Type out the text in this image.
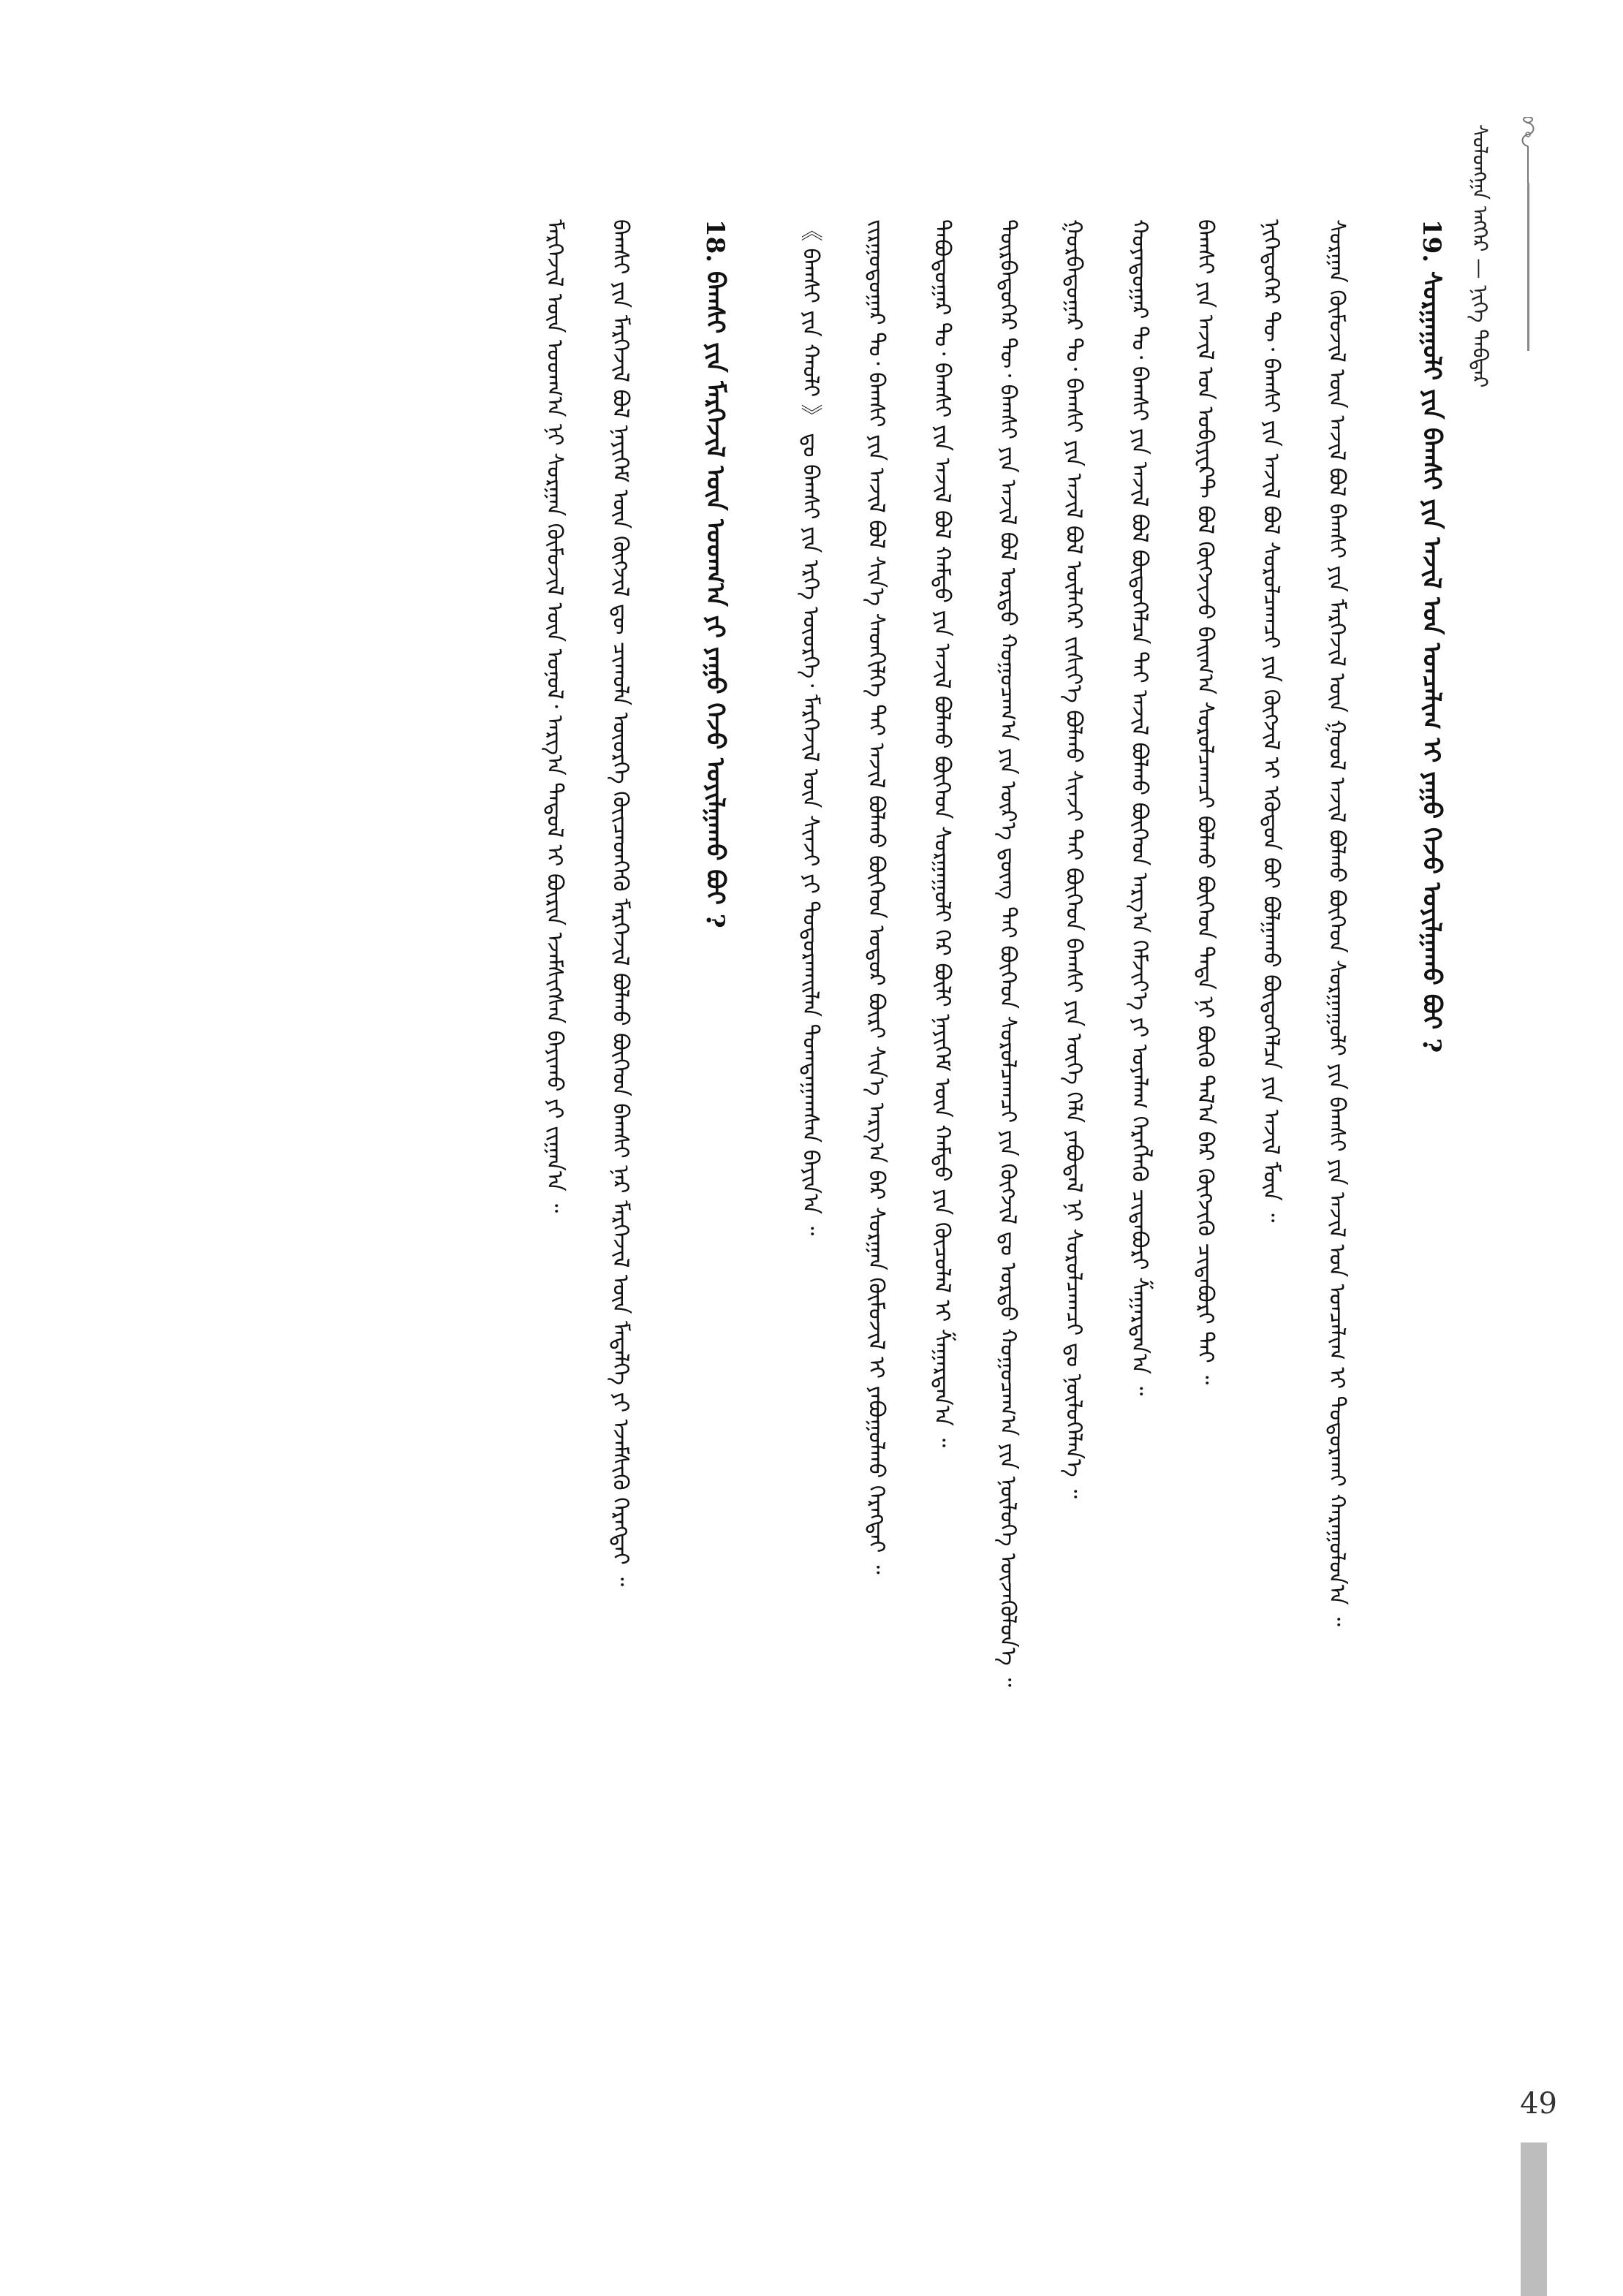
ᠰᠣᠯᠣᠩᠭ᠋ᠠ ᠡᠩᠭᠡᠷ — ᠨᠢᠭᠡ ᠳᠡᠪᠲᠡᠷ
19. ᠰᠤᠷᠭᠠᠭᠤᠯᠢ ᠶᠢᠨ ᠪᠠᠭᠰᠢ ᠶᠢᠨ ᠠᠵᠢᠯ ᠤᠨ ᠣᠨᠴᠠᠯᠢᠭ ᠢ ᠶᠠᠭᠤ ᠭᠡᠵᠦ ᠣᠶᠢᠯᠭᠠᠬᠤ ᠪᠤᠢ ?
ᠰᠤᠷᠭᠠᠨ ᠬᠦᠮᠦᠵᠢᠯ ᠦᠨ ᠠᠵᠢᠯ ᠪᠣᠯ ᠪᠠᠭᠰᠢ ᠶᠢᠨ ᠮᠡᠷᠭᠡᠵᠢᠯ ᠦᠨ ᠭᠣᠣᠯ ᠠᠵᠢᠯ ᠪᠣᠯᠬᠤ ᠪᠥᠭᠡᠳ ᠰᠤᠷᠭᠠᠭᠤᠯᠢ ᠶᠢᠨ ᠪᠠᠭᠰᠢ ᠶᠢᠨ ᠠᠵᠢᠯ ᠤᠨ ᠣᠨᠴᠠᠯᠢᠭ ᠢ ᠲᠣᠳᠣᠷᠬᠠᠢ ᠬᠠᠷᠠᠭᠤᠯᠤᠨ᠎ᠠ ᠃
ᠨᠢᠭᠡᠳᠦᠭᠡᠷ ᠲᠦ᠂ ᠪᠠᠭᠰᠢ ᠶᠢᠨ ᠠᠵᠢᠯ ᠪᠣᠯ ᠰᠤᠷᠤᠯᠴᠠᠭᠴᠢ ᠶᠢᠨ ᠬᠥᠭᠵᠢᠯ ᠢ ᠡᠭᠦᠳᠦᠨ ᠪᠣᠢ ᠪᠣᠯᠭᠠᠬᠤ ᠪᠦᠲᠦᠭᠡᠯᠴᠡ ᠶᠢᠨ ᠠᠵᠢᠯ ᠮᠥᠨ ᠃
ᠪᠠᠭᠰᠢ ᠶᠢᠨ ᠠᠵᠢᠯ ᠤᠨ ᠣᠪᠢᠶᠧᠺᠲ ᠪᠣᠯ ᠬᠥᠭᠵᠢᠵᠦ ᠪᠠᠢᠭ᠎ᠠ ᠰᠤᠷᠤᠯᠴᠠᠭᠴᠢ ᠪᠣᠯᠬᠤ ᠪᠥᠭᠡᠳ ᠲᠡᠳᠡ ᠨᠢ ᠪᠦᠬᠦ ᠲᠠᠯ᠎ᠠ ᠪᠠᠷ ᠬᠥᠭᠵᠢᠬᠦ ᠴᠢᠳᠠᠪᠤᠷᠢ ᠲᠠᠢ ᠃
ᠬᠣᠶᠠᠳᠤᠭᠠᠷ ᠲᠤ᠂ ᠪᠠᠭᠰᠢ ᠶᠢᠨ ᠠᠵᠢᠯ ᠪᠣᠯ ᠪᠦᠲᠦᠭᠡᠯᠴᠡ ᠲᠠᠢ ᠠᠵᠢᠯ ᠪᠣᠯᠬᠤ ᠪᠥᠭᠡᠳ ᠠᠷᠭ᠎ᠠ ᠬᠡᠮᠵᠢᠶ᠎ᠡ ᠶᠢ ᠤᠶᠠᠯᠠᠭ ᠬᠡᠷᠡᠭᠯᠡᠬᠦ ᠴᠢᠳᠠᠪᠤᠷᠢ ᠱᠠᠭᠠᠷᠳᠠᠨ᠎ᠠ ᠃
ᠭᠤᠷᠪᠠᠳᠤᠭᠠᠷ ᠲᠤ᠂ ᠪᠠᠭᠰᠢ ᠶᠢᠨ ᠠᠵᠢᠯ ᠪᠣᠯ ᠦᠯᠡᠭᠡᠷ ᠵᠢᠱᠢᠶ᠎ᠡ ᠪᠣᠯᠬᠤ ᠰᠢᠨᠵᠢ ᠲᠠᠢ ᠪᠥᠭᠡᠳ ᠪᠠᠭᠰᠢ ᠶᠢᠨ ᠦᠭᠡ ᠬᠡᠯᠡ ᠶᠠᠪᠤᠳᠠᠯ ᠨᠢ ᠰᠤᠷᠤᠯᠴᠠᠭᠴᠢ ᠳᠤ ᠨᠥᠯᠦᠭᠡᠯᠡᠨ᠎ᠡ ᠃
ᠳᠥᠷᠪᠡᠳᠦᠭᠡᠷ ᠲᠦ᠂ ᠪᠠᠭᠰᠢ ᠶᠢᠨ ᠠᠵᠢᠯ ᠪᠣᠯ ᠤᠷᠲᠤ ᠬᠤᠭᠤᠴᠠᠭ᠎ᠠ ᠶᠢᠨ ᠦᠷ᠎ᠡ ᠳ᠋ᠦᠩ ᠲᠠᠢ ᠪᠥᠭᠡᠳ ᠰᠤᠷᠤᠯᠴᠠᠭᠴᠢ ᠶᠢᠨ ᠬᠥᠭᠵᠢᠯ ᠳᠤ ᠤᠷᠲᠤ ᠬᠤᠭᠤᠴᠠᠭ᠎ᠠ ᠶᠢᠨ ᠨᠥᠯᠦᠭᠡ ᠦᠵᠡᠭᠦᠯᠦᠨ᠎ᠡ ᠃
ᠲᠠᠪᠤᠳᠤᠭᠠᠷ ᠲᠤ᠂ ᠪᠠᠭᠰᠢ ᠶᠢᠨ ᠠᠵᠢᠯ ᠪᠣᠯ ᠬᠠᠮᠲᠤ ᠶᠢᠨ ᠠᠵᠢᠯ ᠪᠣᠯᠬᠤ ᠪᠥᠭᠡᠳ ᠰᠤᠷᠭᠠᠭᠤᠯᠢ ᠭᠡᠷ ᠪᠦᠯᠢ ᠨᠡᠶᠢᠭᠡᠮ ᠦᠨ ᠬᠠᠮᠲᠤ ᠶᠢᠨ ᠬᠦᠴᠦᠯᠡᠯ ᠢ ᠱᠠᠭᠠᠷᠳᠠᠨ᠎ᠠ ᠃
ᠵᠢᠷᠭᠤᠳᠤᠭᠠᠷ ᠲᠤ᠂ ᠪᠠᠭᠰᠢ ᠶᠢᠨ ᠠᠵᠢᠯ ᠪᠣᠯ ᠰᠢᠨ᠎ᠡ ᠰᠡᠳᠬᠢᠯᠭᠡ ᠲᠠᠢ ᠠᠵᠢᠯ ᠪᠣᠯᠬᠤ ᠪᠥᠭᠡᠳ ᠤᠳᠤᠷ ᠪᠦᠷᠢ ᠰᠢᠨ᠎ᠡ ᠠᠷᠭ᠎ᠠ ᠪᠠᠷ ᠰᠤᠷᠭᠠᠨ ᠬᠦᠮᠦᠵᠢᠯ ᠢ ᠶᠠᠪᠤᠭᠤᠯᠬᠤ ᠬᠡᠷᠡᠭᠲᠡᠢ ᠃
《 ᠪᠠᠭᠰᠢ ᠶᠢᠨ ᠬᠠᠤᠯᠢ 》 ᠳᠤ ᠪᠠᠭᠰᠢ ᠶᠢᠨ ᠡᠷᠬᠡ ᠦᠦᠷᠭᠡ᠂ ᠮᠡᠷᠭᠡᠵᠢᠯ ᠦᠨ ᠰᠢᠨᠵᠢ ᠶᠢ ᠲᠣᠳᠣᠷᠬᠠᠢᠯᠠᠨ ᠲᠣᠭᠲᠠᠭᠠᠭᠰᠠᠨ ᠪᠠᠶᠢᠨ᠎ᠠ ᠃
18. ᠪᠠᠭᠰᠢ ᠶᠢᠨ ᠮᠡᠷᠭᠡᠵᠢᠯ ᠦᠨ ᠤᠳᠬ᠎ᠠ ᠶᠢ ᠶᠠᠭᠤ ᠭᠡᠵᠦ ᠣᠶᠢᠯᠭᠠᠬᠤ ᠪᠤᠢ ?
ᠪᠠᠭᠰᠢ ᠶᠢᠨ ᠮᠡᠷᠭᠡᠵᠢᠯ ᠪᠣᠯ ᠨᠡᠶᠢᠭᠡᠮ ᠦᠨ ᠬᠥᠭᠵᠢᠯ ᠳᠦ ᠴᠢᠬᠤᠯᠠ ᠦᠦᠷᠭᠡ ᠭᠦᠢᠴᠡᠳᠬᠡᠬᠦ ᠮᠡᠷᠭᠡᠵᠢᠯ ᠪᠣᠯᠬᠤ ᠪᠥᠭᠡᠳ ᠪᠠᠭᠰᠢ ᠨᠠᠷ ᠮᠡᠷᠭᠡᠵᠢᠯ ᠦᠨ ᠮᠡᠳᠡᠯᠭᠡ ᠶᠢ ᠡᠵᠡᠮᠰᠢᠬᠦ ᠬᠡᠷᠡᠭᠲᠡᠢ ᠃
ᠮᠡᠷᠭᠡᠵᠢᠯ ᠦᠨ ᠤᠳᠬ᠎ᠠ ᠨᠢ ᠰᠤᠷᠭᠠᠨ ᠬᠦᠮᠦᠵᠢᠯ ᠦᠨ ᠣᠨᠣᠯ᠂ ᠠᠷᠭ᠎ᠠ ᠳᠠᠳᠤᠯ ᠢ ᠪᠦᠷᠢᠨ ᠡᠵᠡᠮᠰᠢᠭᠰᠡᠨ ᠪᠠᠶᠢᠬᠤ ᠶᠢ ᠵᠢᠭᠠᠨ᠎ᠠ ᠃
49
